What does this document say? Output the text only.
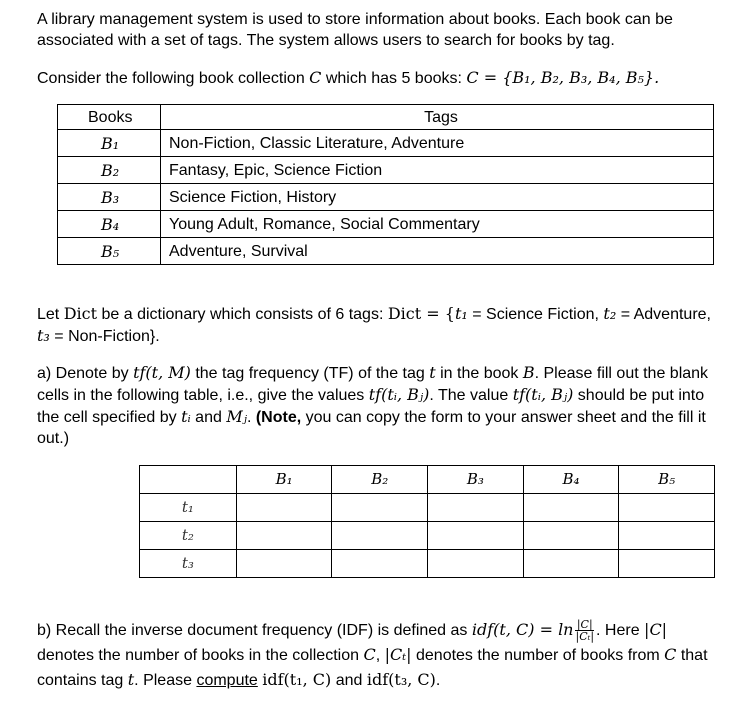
A library management system is used to store information about books. Each book can be associated with a set of tags. The system allows users to search for books by tag.

Consider the following book collection C which has 5 books: C = {B₁, B₂, B₃, B₄, B₅}.

Books	Tags
B₁	Non-Fiction, Classic Literature, Adventure
B₂	Fantasy, Epic, Science Fiction
B₃	Science Fiction, History
B₄	Young Adult, Romance, Social Commentary
B₅	Adventure, Survival

Let Dict be a dictionary which consists of 6 tags: Dict = {t₁ = Science Fiction, t₂ = Adventure, t₃ = Non-Fiction}.

a) Denote by tf(t, M) the tag frequency (TF) of the tag t in the book B. Please fill out the blank cells in the following table, i.e., give the values tf(tᵢ, Bⱼ). The value tf(tᵢ, Bⱼ) should be put into the cell specified by tᵢ and Mⱼ. (Note, you can copy the form to your answer sheet and the fill it out.)

	B₁	B₂	B₃	B₄	B₅
t₁					
t₂					
t₃					

b) Recall the inverse document frequency (IDF) is defined as idf(t, $C) = \ln \frac{|C|}{\text{|Cₜ|}}$ . Here |C| denotes the number of books in the collection C, |Cₜ| denotes the number of books from C that contains tag t. Please compute idf(t₁, C) and idf(t₃, C).
